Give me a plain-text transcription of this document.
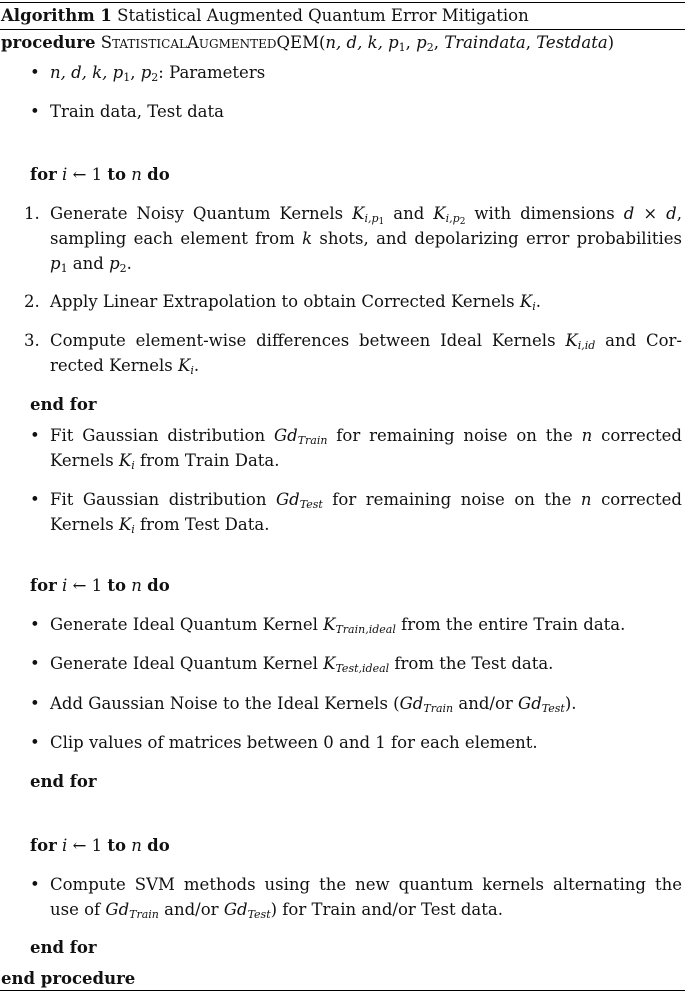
Algorithm 1 Statistical Augmented Quantum Error Mitigation
procedure StatisticalAugmentedQEM(n, d, k, $p_1$, $p_2$, Traindata, Testdata)
• n, d, k, $p_1$, $p_2$: Parameters
• Train data, Test data
for i ← 1 to n do
1. Generate Noisy Quantum Kernels $K_{i,p_1}$ and $K_{i,p_2}$ with dimensions d × d,
sampling each element from k shots, and depolarizing error probabilities
$p_1$ and $p_2$.
2. Apply Linear Extrapolation to obtain Corrected Kernels $K_i$.
3. Compute element-wise differences between Ideal Kernels $K_{i,id}$ and Cor-
rected Kernels $K_i$.
end for
• Fit Gaussian distribution $Gd_{Train}$ for remaining noise on the n corrected
Kernels $K_i$ from Train Data.
• Fit Gaussian distribution $Gd_{Test}$ for remaining noise on the n corrected
Kernels $K_i$ from Test Data.
for i ← 1 to n do
• Generate Ideal Quantum Kernel $K_{Train,ideal}$ from the entire Train data.
• Generate Ideal Quantum Kernel $K_{Test,ideal}$ from the Test data.
• Add Gaussian Noise to the Ideal Kernels ($Gd_{Train}$ and/or $Gd_{Test}$).
• Clip values of matrices between 0 and 1 for each element.
end for
for i ← 1 to n do
• Compute SVM methods using the new quantum kernels alternating the
use of $Gd_{Train}$ and/or $Gd_{Test}$) for Train and/or Test data.
end for
end procedure
